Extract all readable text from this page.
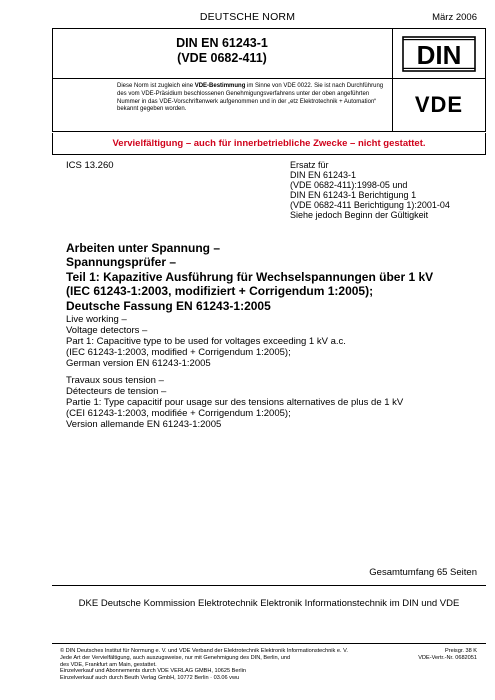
DEUTSCHE NORM	März 2006
DIN EN 61243-1
(VDE 0682-411)
Diese Norm ist zugleich eine VDE-Bestimmung im Sinne von VDE 0022. Sie ist nach Durchführung des vom VDE-Präsidium beschlossenen Genehmigungsverfahrens unter der oben angeführten Nummer in das VDE-Vorschriftenwerk aufgenommen und in der „etz Elektrotechnik + Automation“ bekannt gegeben worden.
DIN
VDE
Vervielfältigung – auch für innerbetriebliche Zwecke – nicht gestattet.
ICS 13.260	Ersatz für
DIN EN 61243-1
(VDE 0682-411):1998-05 und
DIN EN 61243-1 Berichtigung 1
(VDE 0682-411 Berichtigung 1):2001-04
Siehe jedoch Beginn der Gültigkeit
Arbeiten unter Spannung –
Spannungsprüfer –
Teil 1: Kapazitive Ausführung für Wechselspannungen über 1 kV
(IEC 61243-1:2003, modifiziert + Corrigendum 1:2005);
Deutsche Fassung EN 61243-1:2005
Live working –
Voltage detectors –
Part 1: Capacitive type to be used for voltages exceeding 1 kV a.c.
(IEC 61243-1:2003, modified + Corrigendum 1:2005);
German version EN 61243-1:2005
Travaux sous tension –
Détecteurs de tension –
Partie 1: Type capacitif pour usage sur des tensions alternatives de plus de 1 kV
(CEI 61243-1:2003, modifiée + Corrigendum 1:2005);
Version allemande EN 61243-1:2005
Gesamtumfang 65 Seiten
DKE Deutsche Kommission Elektrotechnik Elektronik Informationstechnik im DIN und VDE
© DIN Deutsches Institut für Normung e. V. und VDE Verband der Elektrotechnik Elektronik Informationstechnik e. V.
Jede Art der Vervielfältigung, auch auszugsweise, nur mit Genehmigung des DIN, Berlin, und
des VDE, Frankfurt am Main, gestattet.
Einzelverkauf und Abonnements durch VDE VERLAG GMBH, 10625 Berlin
Einzelverkauf auch durch Beuth Verlag GmbH, 10772 Berlin · 03.06 vwu
Preisgr. 38 K
VDE-Vertr.-Nr. 0682051
